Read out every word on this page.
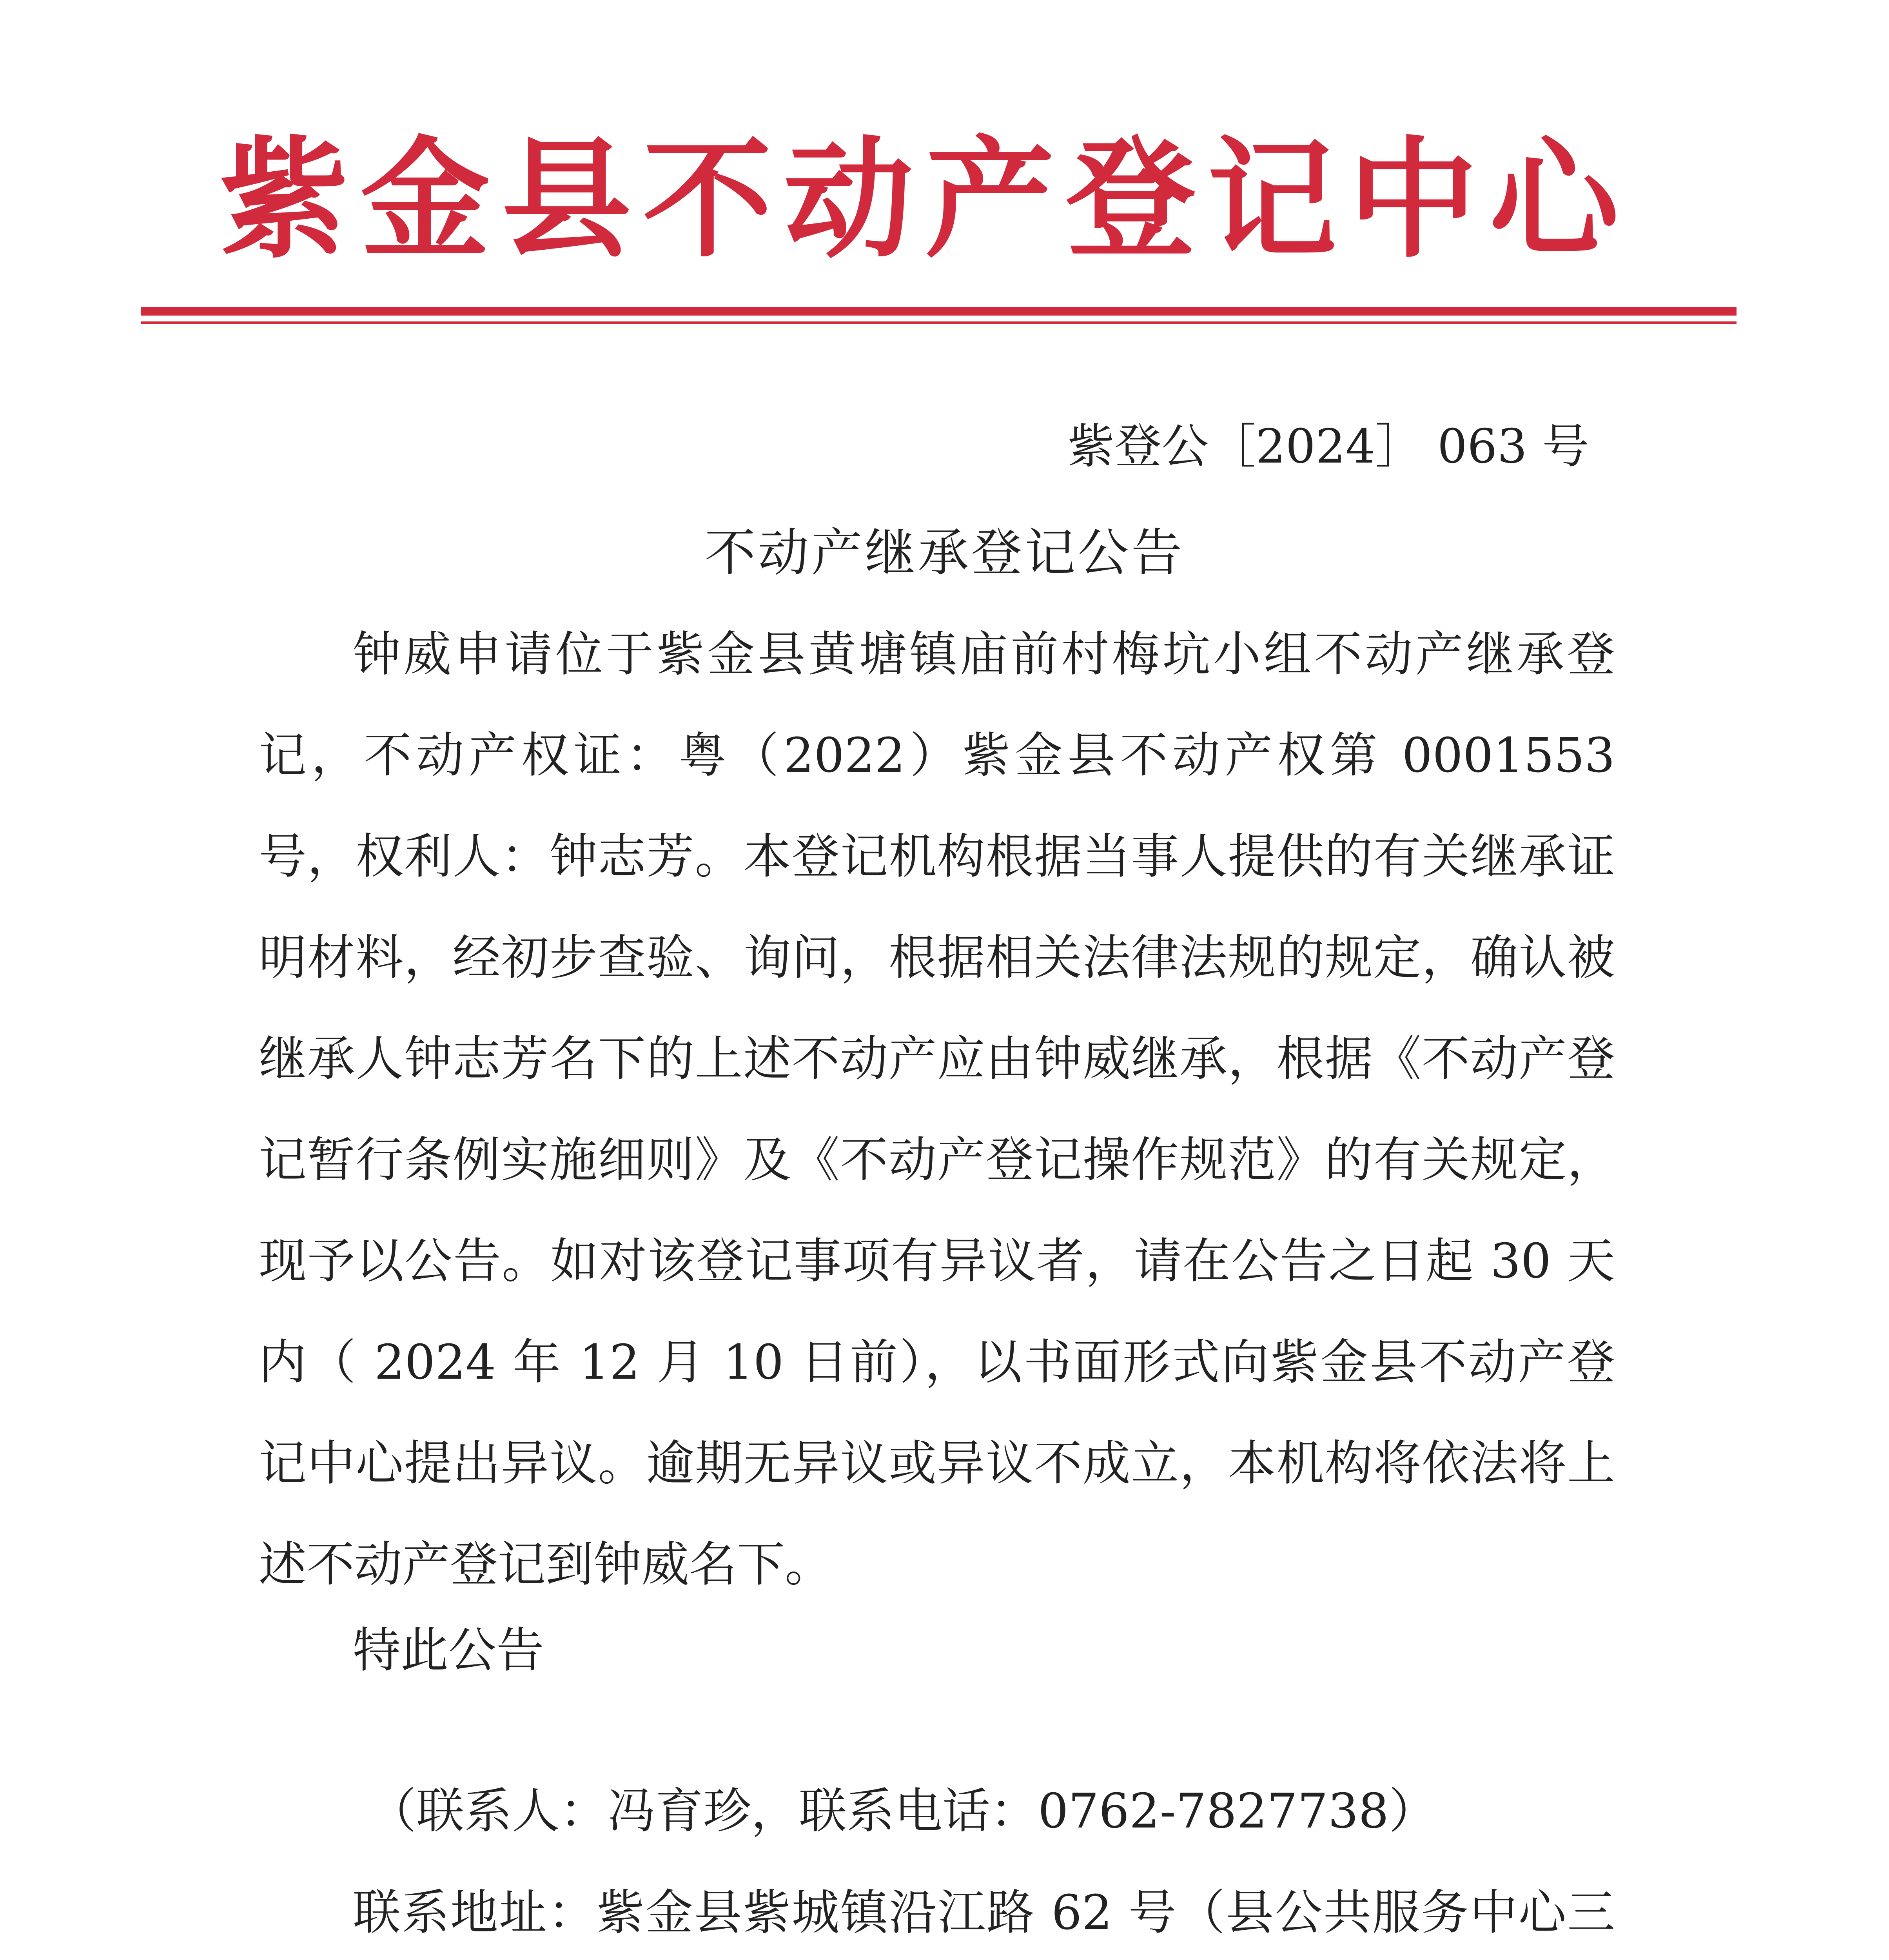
紫金县不动产登记中心
紫登公［2024］ 063 号
不动产继承登记公告

钟威申请位于紫金县黄塘镇庙前村梅坑小组不动产继承登记，不动产权证：粤（2022）紫金县不动产权第 0001553 号，权利人：钟志芳。本登记机构根据当事人提供的有关继承证明材料，经初步查验、询问，根据相关法律法规的规定，确认被继承人钟志芳名下的上述不动产应由钟威继承，根据《不动产登记暂行条例实施细则》及《不动产登记操作规范》的有关规定，现予以公告。如对该登记事项有异议者，请在公告之日起 30 天内（ 2024 年 12 月 10 日前），以书面形式向紫金县不动产登记中心提出异议。逾期无异议或异议不成立，本机构将依法将上述不动产登记到钟威名下。

特此公告
（联系人：冯育珍，联系电话：0762-7827738）

联系地址：紫金县紫城镇沿江路 62 号（县公共服务中心三
